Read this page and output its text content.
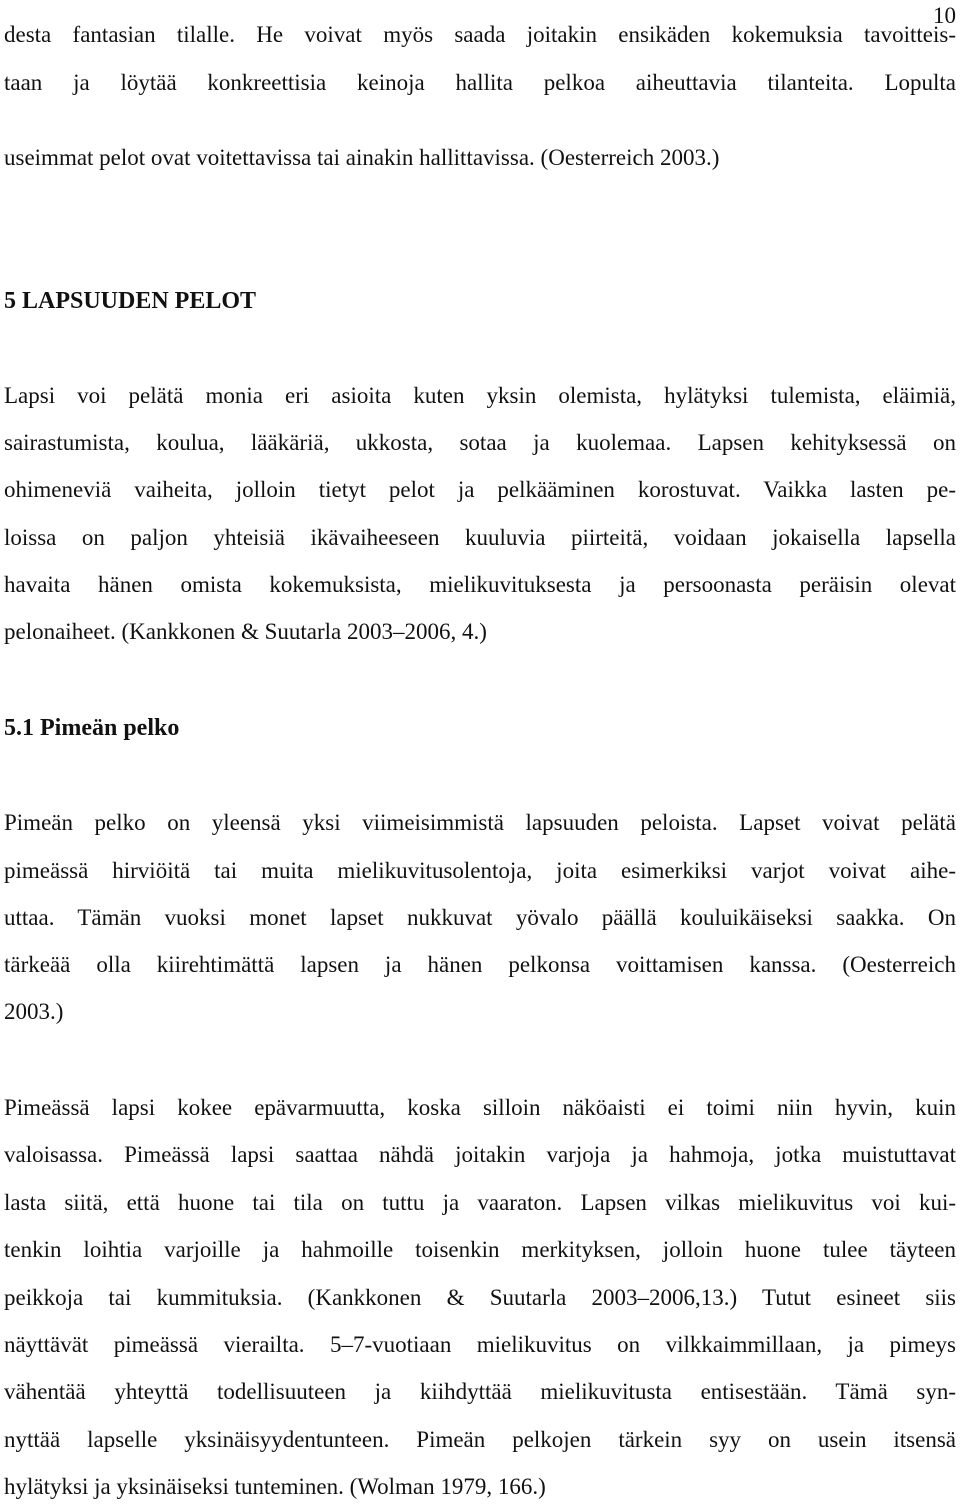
10
desta fantasian tilalle. He voivat myös saada joitakin ensikäden kokemuksia tavoitteis-
taan ja löytää konkreettisia keinoja hallita pelkoa aiheuttavia tilanteita. Lopulta
useimmat pelot ovat voitettavissa tai ainakin hallittavissa. (Oesterreich 2003.)
5 LAPSUUDEN PELOT
Lapsi voi pelätä monia eri asioita kuten yksin olemista, hylätyksi tulemista, eläimiä,
sairastumista, koulua, lääkäriä, ukkosta, sotaa ja kuolemaa. Lapsen kehityksessä on
ohimeneviä vaiheita, jolloin tietyt pelot ja pelkääminen korostuvat. Vaikka lasten pe-
loissa on paljon yhteisiä ikävaiheeseen kuuluvia piirteitä, voidaan jokaisella lapsella
havaita hänen omista kokemuksista, mielikuvituksesta ja persoonasta peräisin olevat
pelonaiheet. (Kankkonen & Suutarla 2003–2006, 4.)
5.1 Pimeän pelko
Pimeän pelko on yleensä yksi viimeisimmistä lapsuuden peloista. Lapset voivat pelätä
pimeässä hirviöitä tai muita mielikuvitusolentoja, joita esimerkiksi varjot voivat aihe-
uttaa. Tämän vuoksi monet lapset nukkuvat yövalo päällä kouluikäiseksi saakka. On
tärkeää olla kiirehtimättä lapsen ja hänen pelkonsa voittamisen kanssa. (Oesterreich
2003.)
Pimeässä lapsi kokee epävarmuutta, koska silloin näköaisti ei toimi niin hyvin, kuin
valoisassa. Pimeässä lapsi saattaa nähdä joitakin varjoja ja hahmoja, jotka muistuttavat
lasta siitä, että huone tai tila on tuttu ja vaaraton. Lapsen vilkas mielikuvitus voi kui-
tenkin loihtia varjoille ja hahmoille toisenkin merkityksen, jolloin huone tulee täyteen
peikkoja tai kummituksia. (Kankkonen & Suutarla 2003–2006,13.) Tutut esineet siis
näyttävät pimeässä vierailta. 5–7-vuotiaan mielikuvitus on vilkkaimmillaan, ja pimeys
vähentää yhteyttä todellisuuteen ja kiihdyttää mielikuvitusta entisestään. Tämä syn-
nyttää lapselle yksinäisyydentunteen. Pimeän pelkojen tärkein syy on usein itsensä
hylätyksi ja yksinäiseksi tunteminen. (Wolman 1979, 166.)
